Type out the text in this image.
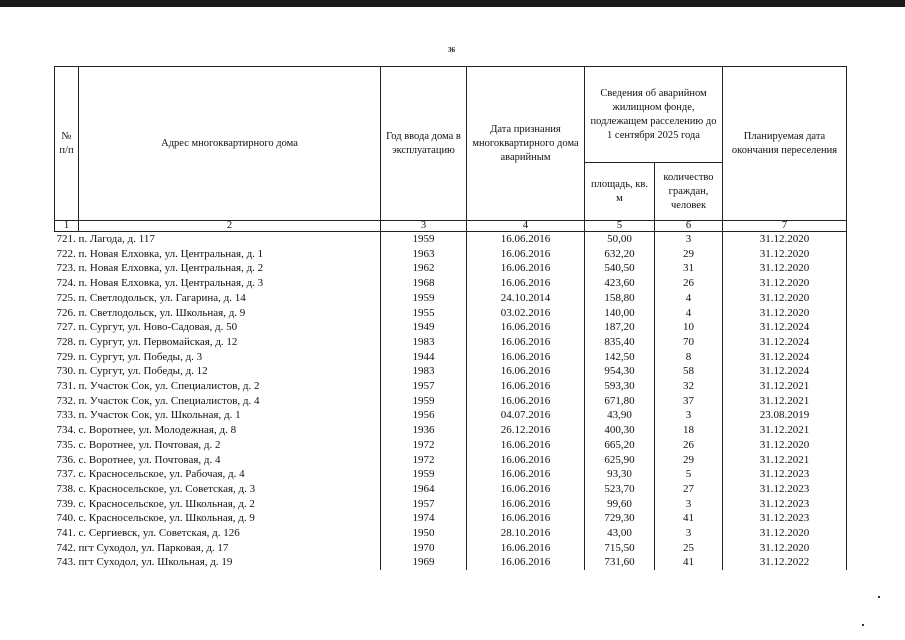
36
№ п/п	Адрес многоквартирного дома	Год ввода дома в эксплуатацию	Дата признания многоквартирного дома аварийным	Сведения об аварийном жилищном фонде, подлежащем расселению до 1 сентября 2025 года		Планируемая дата окончания переселения
				площадь, кв. м	количество граждан, человек	
1	2	3	4	5	6	7
721. п. Лагода, д. 117		1959	16.06.2016	50,00	3	31.12.2020
722. п. Новая Елховка, ул. Центральная, д. 1		1963	16.06.2016	632,20	29	31.12.2020
723. п. Новая Елховка, ул. Центральная, д. 2		1962	16.06.2016	540,50	31	31.12.2020
724. п. Новая Елховка, ул. Центральная, д. 3		1968	16.06.2016	423,60	26	31.12.2020
725. п. Светлодольск, ул. Гагарина, д. 14		1959	24.10.2014	158,80	4	31.12.2020
726. п. Светлодольск, ул. Школьная, д. 9		1955	03.02.2016	140,00	4	31.12.2020
727. п. Сургут, ул. Ново-Садовая, д. 50		1949	16.06.2016	187,20	10	31.12.2024
728. п. Сургут, ул. Первомайская, д. 12		1983	16.06.2016	835,40	70	31.12.2024
729. п. Сургут, ул. Победы, д. 3		1944	16.06.2016	142,50	8	31.12.2024
730. п. Сургут, ул. Победы, д. 12		1983	16.06.2016	954,30	58	31.12.2024
731. п. Участок Сок, ул. Специалистов, д. 2		1957	16.06.2016	593,30	32	31.12.2021
732. п. Участок Сок, ул. Специалистов, д. 4		1959	16.06.2016	671,80	37	31.12.2021
733. п. Участок Сок, ул. Школьная, д. 1		1956	04.07.2016	43,90	3	23.08.2019
734. с. Воротнее, ул. Молодежная, д. 8		1936	26.12.2016	400,30	18	31.12.2021
735. с. Воротнее, ул. Почтовая, д. 2		1972	16.06.2016	665,20	26	31.12.2020
736. с. Воротнее, ул. Почтовая, д. 4		1972	16.06.2016	625,90	29	31.12.2021
737. с. Красносельское, ул. Рабочая, д. 4		1959	16.06.2016	93,30	5	31.12.2023
738. с. Красносельское, ул. Советская, д. 3		1964	16.06.2016	523,70	27	31.12.2023
739. с. Красносельское, ул. Школьная, д. 2		1957	16.06.2016	99,60	3	31.12.2023
740. с. Красносельское, ул. Школьная, д. 9		1974	16.06.2016	729,30	41	31.12.2023
741. с. Сергиевск, ул. Советская, д. 126		1950	28.10.2016	43,00	3	31.12.2020
742. пгт Суходол, ул. Парковая, д. 17		1970	16.06.2016	715,50	25	31.12.2020
743. пгт Суходол, ул. Школьная, д. 19		1969	16.06.2016	731,60	41	31.12.2022
